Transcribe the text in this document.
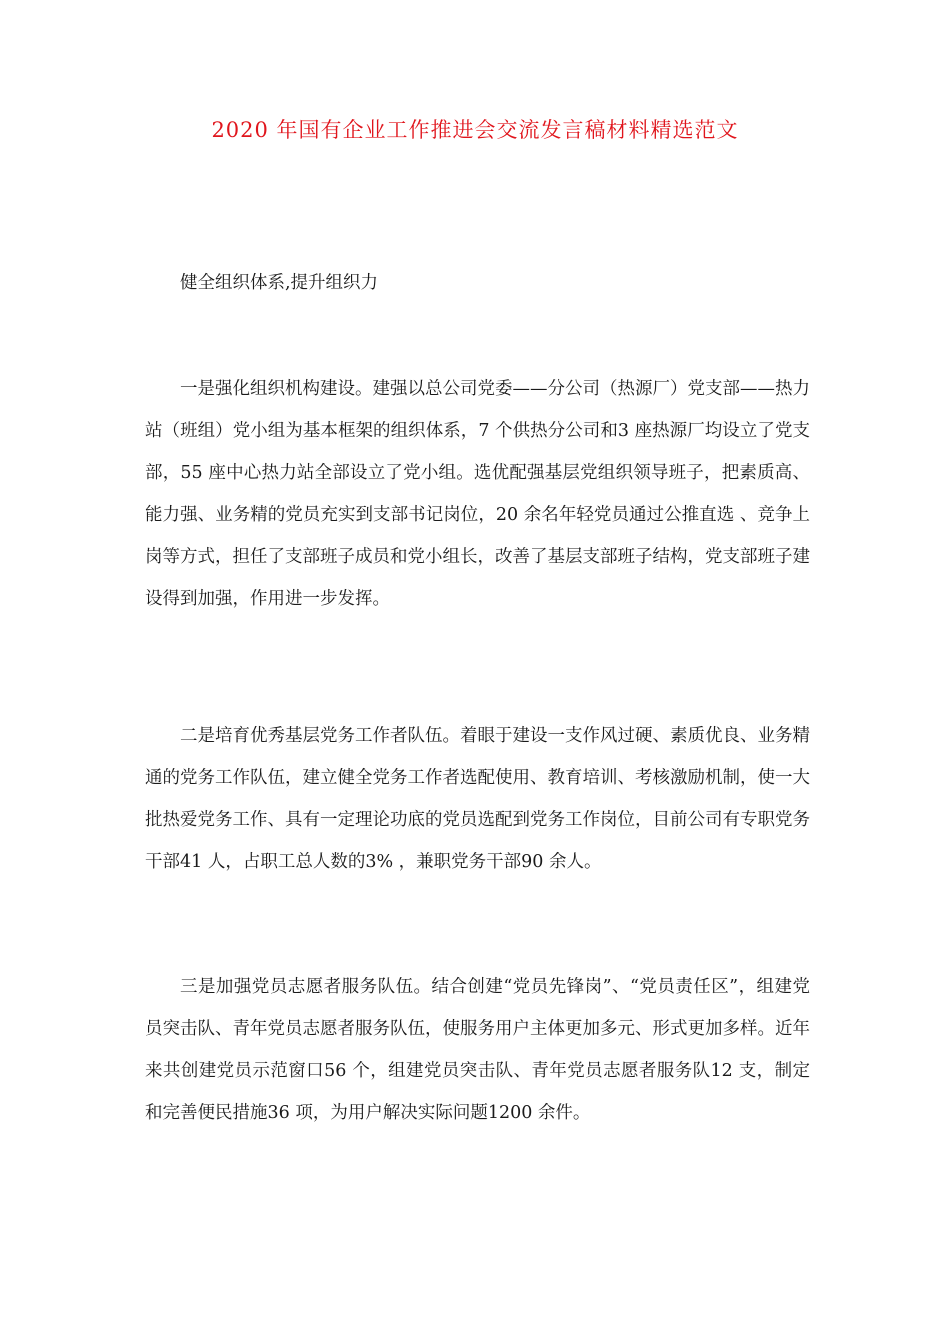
2020 年国有企业工作推进会交流发言稿材料精选范文
健全组织体系,提升组织力

一是强化组织机构建设。建强以总公司党委——分公司（热源厂）党支部——热力站（班组）党小组为基本框架的组织体系，7 个供热分公司和3 座热源厂均设立了党支部，55 座中心热力站全部设立了党小组。选优配强基层党组织领导班子，把素质高、能力强、业务精的党员充实到支部书记岗位，20 余名年轻党员通过公推直选 、竞争上岗等方式，担任了支部班子成员和党小组长，改善了基层支部班子结构，党支部班子建设得到加强，作用进一步发挥。

二是培育优秀基层党务工作者队伍。着眼于建设一支作风过硬、素质优良、业务精通的党务工作队伍，建立健全党务工作者选配使用、教育培训、考核激励机制，使一大批热爱党务工作、具有一定理论功底的党员选配到党务工作岗位，目前公司有专职党务干部41 人，占职工总人数的3% ，兼职党务干部90 余人。

三是加强党员志愿者服务队伍。结合创建“党员先锋岗”、“党员责任区”，组建党员突击队、青年党员志愿者服务队伍，使服务用户主体更加多元、形式更加多样。近年来共创建党员示范窗口56 个，组建党员突击队、青年党员志愿者服务队12 支，制定和完善便民措施36 项，为用户解决实际问题1200 余件。
